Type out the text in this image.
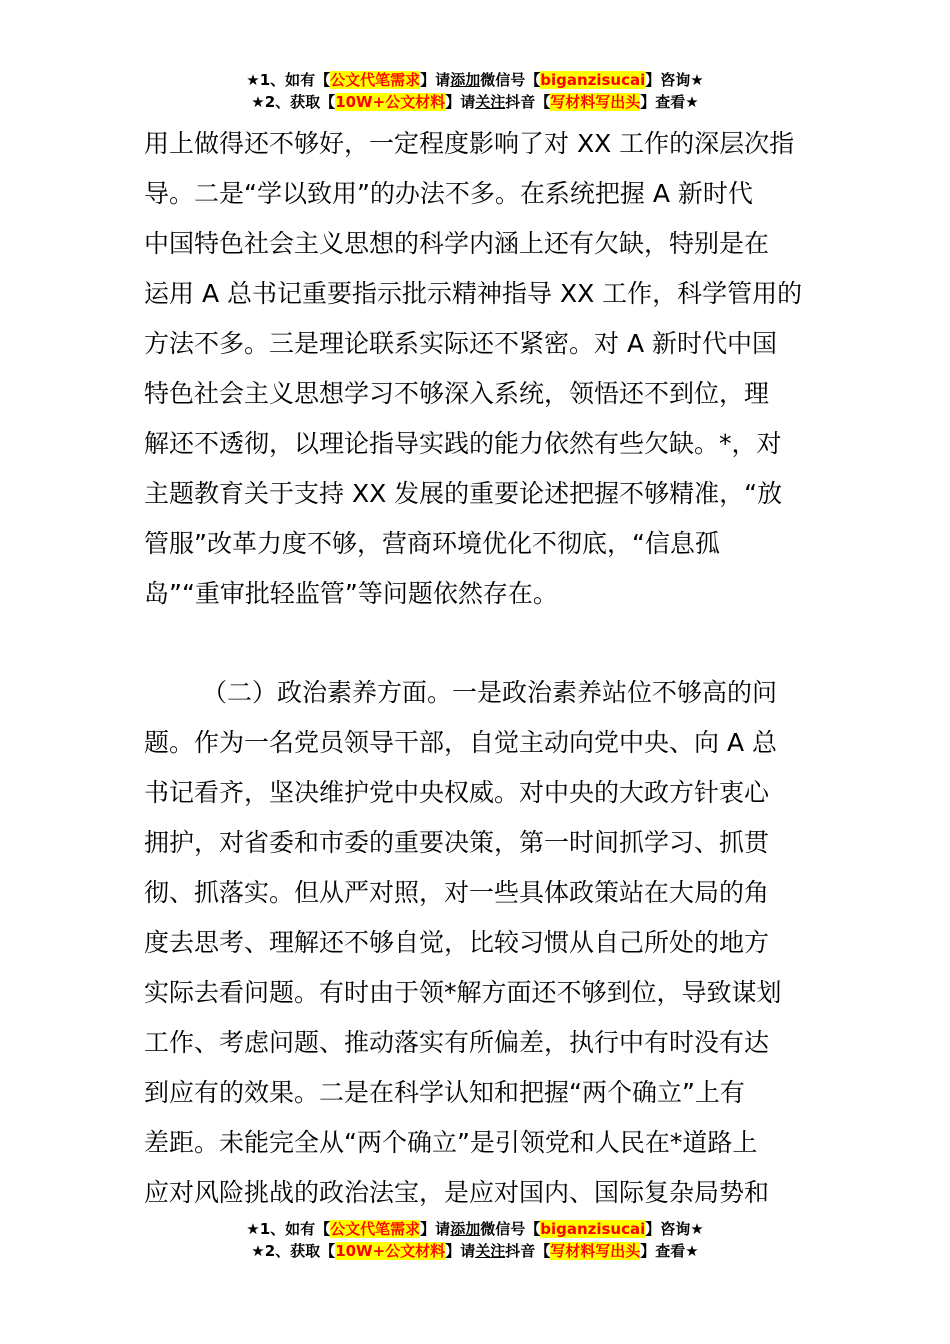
★1、如有【公文代笔需求】请添加微信号【biganzisucai】咨询★
★2、获取【10W+公文材料】请关注抖音【写材料写出头】查看★
用上做得还不够好，一定程度影响了对 XX 工作的深层次指
导。二是“学以致用”的办法不多。在系统把握 A 新时代
中国特色社会主义思想的科学内涵上还有欠缺，特别是在
运用 A 总书记重要指示批示精神指导 XX 工作，科学管用的
方法不多。三是理论联系实际还不紧密。对 A 新时代中国
特色社会主义思想学习不够深入系统，领悟还不到位，理
解还不透彻，以理论指导实践的能力依然有些欠缺。*，对
主题教育关于支持 XX 发展的重要论述把握不够精准，“放
管服”改革力度不够，营商环境优化不彻底，“信息孤
岛”“重审批轻监管”等问题依然存在。
（二）政治素养方面。一是政治素养站位不够高的问
题。作为一名党员领导干部，自觉主动向党中央、向 A 总
书记看齐，坚决维护党中央权威。对中央的大政方针衷心
拥护，对省委和市委的重要决策，第一时间抓学习、抓贯
彻、抓落实。但从严对照，对一些具体政策站在大局的角
度去思考、理解还不够自觉，比较习惯从自己所处的地方
实际去看问题。有时由于领*解方面还不够到位，导致谋划
工作、考虑问题、推动落实有所偏差，执行中有时没有达
到应有的效果。二是在科学认知和把握“两个确立”上有
差距。未能完全从“两个确立”是引领党和人民在*道路上
应对风险挑战的政治法宝，是应对国内、国际复杂局势和
★1、如有【公文代笔需求】请添加微信号【biganzisucai】咨询★
★2、获取【10W+公文材料】请关注抖音【写材料写出头】查看★
